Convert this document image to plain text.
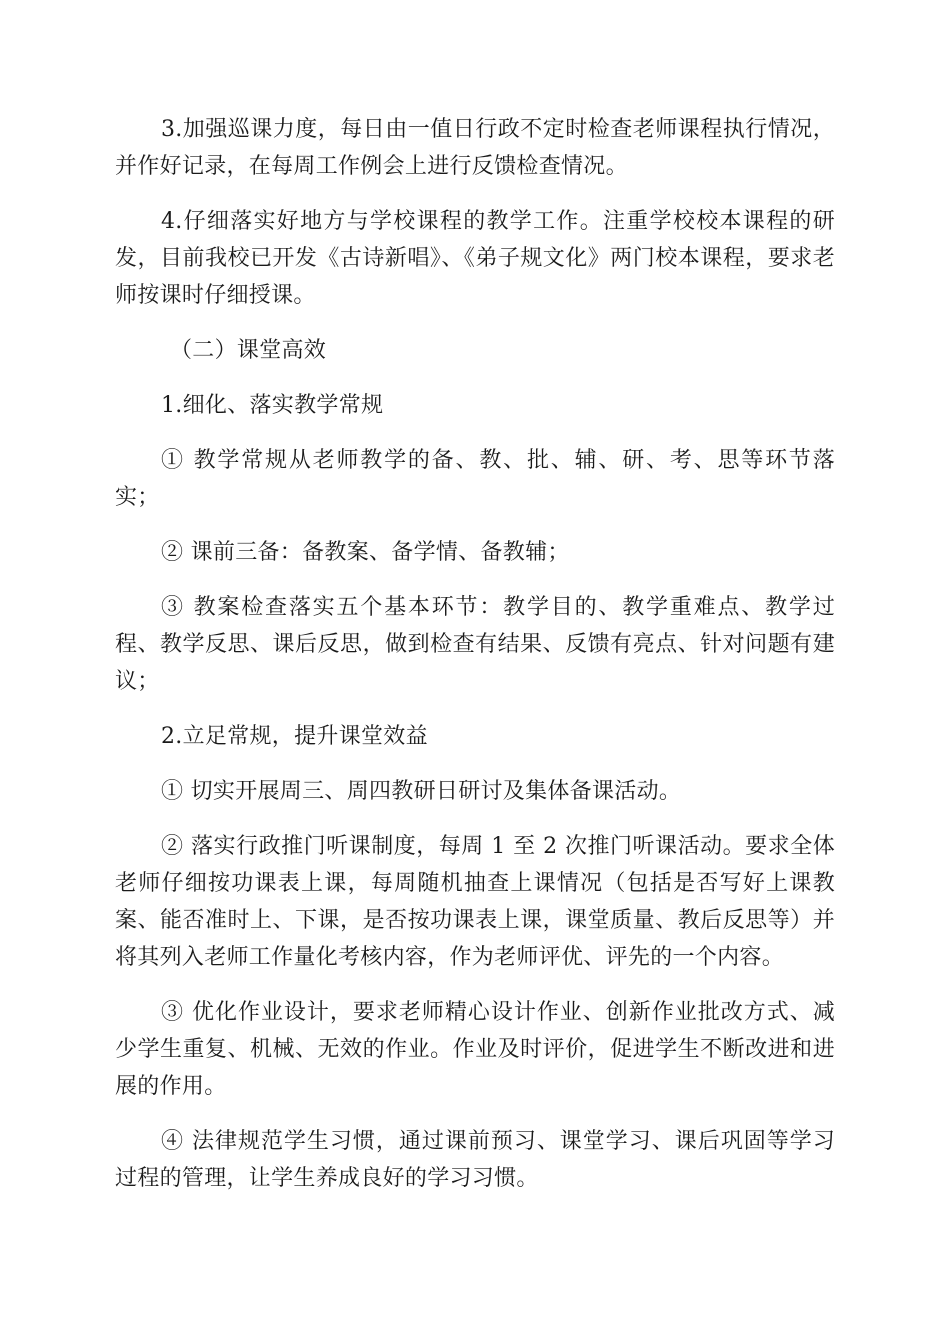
3.加强巡课力度，每日由一值日行政不定时检查老师课程执行情况，并作好记录，在每周工作例会上进行反馈检查情况。

4.仔细落实好地方与学校课程的教学工作。注重学校校本课程的研发，目前我校已开发《古诗新唱》、《弟子规文化》两门校本课程，要求老师按课时仔细授课。

（二）课堂高效

1.细化、落实教学常规

① 教学常规从老师教学的备、教、批、辅、研、考、思等环节落实；

② 课前三备：备教案、备学情、备教辅；

③ 教案检查落实五个基本环节：教学目的、教学重难点、教学过程、教学反思、课后反思，做到检查有结果、反馈有亮点、针对问题有建议；

2.立足常规，提升课堂效益

① 切实开展周三、周四教研日研讨及集体备课活动。

② 落实行政推门听课制度，每周 1 至 2 次推门听课活动。要求全体老师仔细按功课表上课，每周随机抽查上课情况（包括是否写好上课教案、能否准时上、下课，是否按功课表上课，课堂质量、教后反思等）并将其列入老师工作量化考核内容，作为老师评优、评先的一个内容。

③ 优化作业设计，要求老师精心设计作业、创新作业批改方式、减少学生重复、机械、无效的作业。作业及时评价，促进学生不断改进和进展的作用。

④ 法律规范学生习惯，通过课前预习、课堂学习、课后巩固等学习过程的管理，让学生养成良好的学习习惯。
